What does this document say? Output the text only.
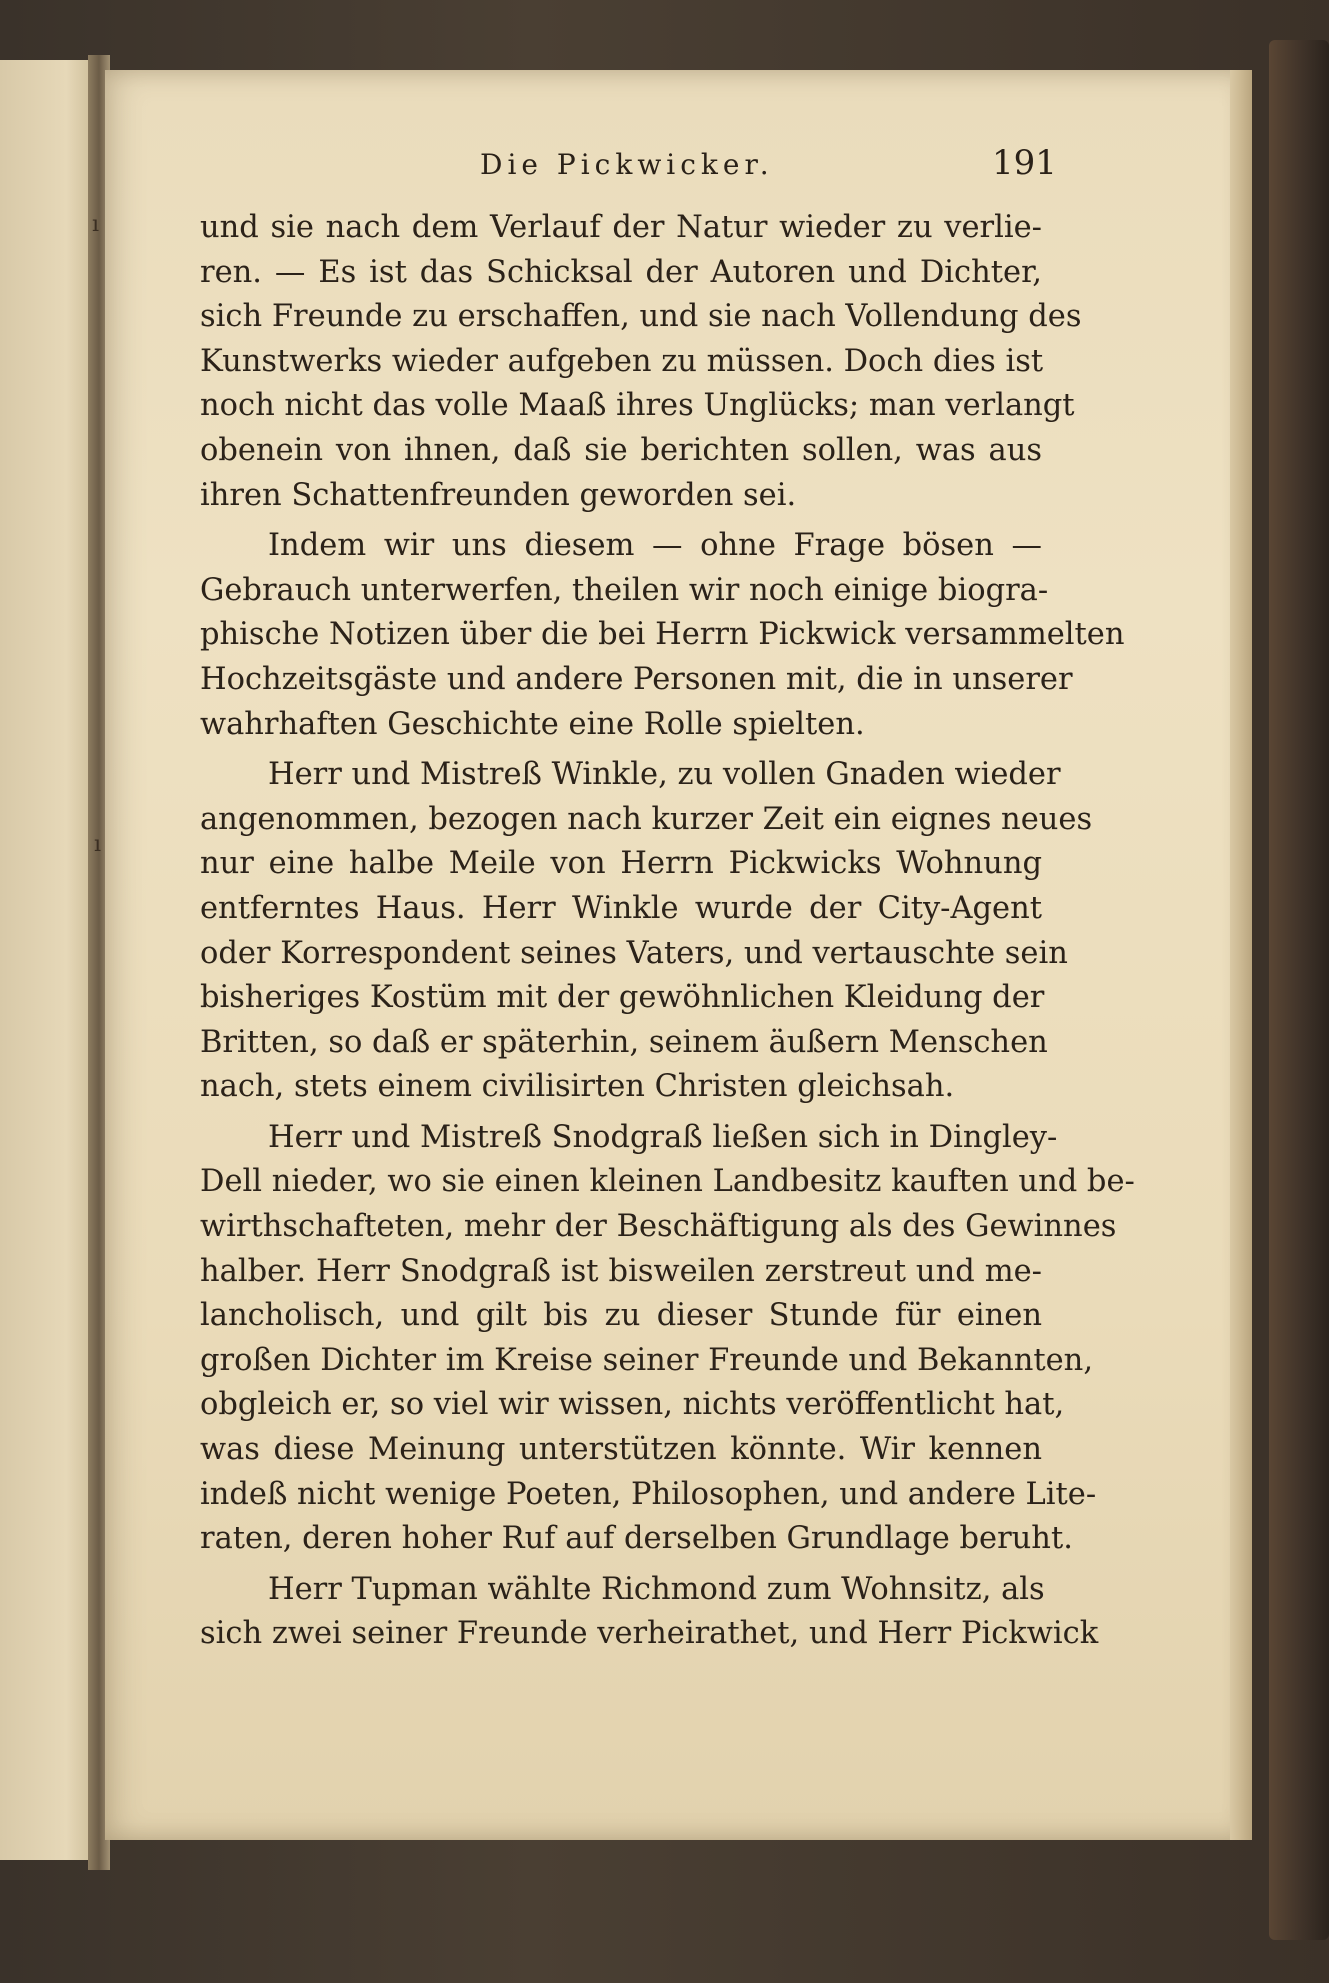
ı
ı
Die Pickwicker.	191
und sie nach dem Verlauf der Natur wieder zu verlie-
ren. — Es ist das Schicksal der Autoren und Dichter,
sich Freunde zu erschaffen, und sie nach Vollendung des
Kunstwerks wieder aufgeben zu müssen. Doch dies ist
noch nicht das volle Maaß ihres Unglücks; man verlangt
obenein von ihnen, daß sie berichten sollen, was aus
ihren Schattenfreunden geworden sei.
Indem wir uns diesem — ohne Frage bösen —
Gebrauch unterwerfen, theilen wir noch einige biogra-
phische Notizen über die bei Herrn Pickwick versammelten
Hochzeitsgäste und andere Personen mit, die in unserer
wahrhaften Geschichte eine Rolle spielten.
Herr und Mistreß Winkle, zu vollen Gnaden wieder
angenommen, bezogen nach kurzer Zeit ein eignes neues
nur eine halbe Meile von Herrn Pickwicks Wohnung
entferntes Haus. Herr Winkle wurde der City-Agent
oder Korrespondent seines Vaters, und vertauschte sein
bisheriges Kostüm mit der gewöhnlichen Kleidung der
Britten, so daß er späterhin, seinem äußern Menschen
nach, stets einem civilisirten Christen gleichsah.
Herr und Mistreß Snodgraß ließen sich in Dingley-
Dell nieder, wo sie einen kleinen Landbesitz kauften und be-
wirthschafteten, mehr der Beschäftigung als des Gewinnes
halber. Herr Snodgraß ist bisweilen zerstreut und me-
lancholisch, und gilt bis zu dieser Stunde für einen
großen Dichter im Kreise seiner Freunde und Bekannten,
obgleich er, so viel wir wissen, nichts veröffentlicht hat,
was diese Meinung unterstützen könnte. Wir kennen
indeß nicht wenige Poeten, Philosophen, und andere Lite-
raten, deren hoher Ruf auf derselben Grundlage beruht.
Herr Tupman wählte Richmond zum Wohnsitz, als
sich zwei seiner Freunde verheirathet, und Herr Pickwick
